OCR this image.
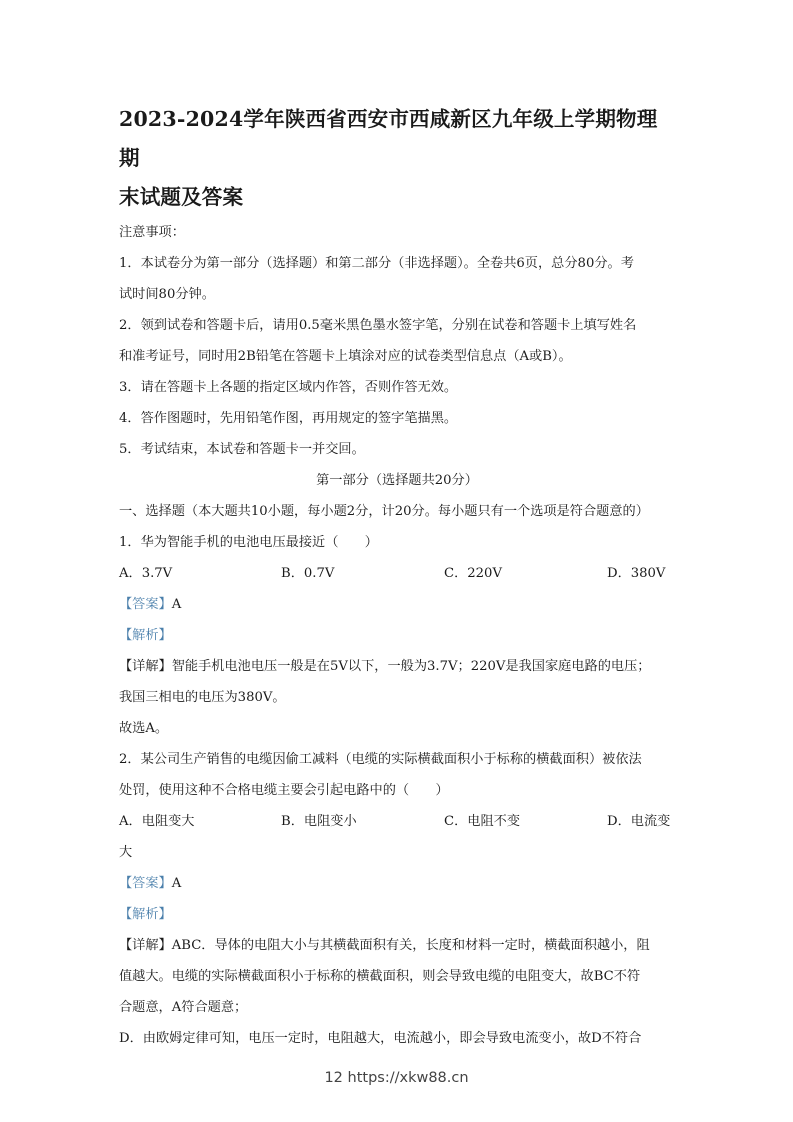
2023-2024学年陕西省西安市西咸新区九年级上学期物理期
末试题及答案
注意事项：
1．本试卷分为第一部分（选择题）和第二部分（非选择题）。全卷共6页，总分80分。考
试时间80分钟。
2．领到试卷和答题卡后，请用0.5毫米黑色墨水签字笔，分别在试卷和答题卡上填写姓名
和准考证号，同时用2B铅笔在答题卡上填涂对应的试卷类型信息点（A或B）。
3．请在答题卡上各题的指定区域内作答，否则作答无效。
4．答作图题时，先用铅笔作图，再用规定的签字笔描黑。
5．考试结束，本试卷和答题卡一并交回。
第一部分（选择题共20分）
一、选择题（本大题共10小题，每小题2分，计20分。每小题只有一个选项是符合题意的）
1．华为智能手机的电池电压最接近（　　）
A．3.7V	B．0.7V	C．220V	D．380V
【答案】A
【解析】
【详解】智能手机电池电压一般是在5V以下，一般为3.7V；220V是我国家庭电路的电压；
我国三相电的电压为380V。
故选A。
2．某公司生产销售的电缆因偷工减料（电缆的实际横截面积小于标称的横截面积）被依法
处罚，使用这种不合格电缆主要会引起电路中的（　　）
A．电阻变大	B．电阻变小	C．电阻不变	D．电流变
大
【答案】A
【解析】
【详解】ABC．导体的电阻大小与其横截面积有关，长度和材料一定时，横截面积越小，阻
值越大。电缆的实际横截面积小于标称的横截面积，则会导致电缆的电阻变大，故BC不符
合题意，A符合题意；
D．由欧姆定律可知，电压一定时，电阻越大，电流越小，即会导致电流变小，故D不符合
12 https://xkw88.cn
